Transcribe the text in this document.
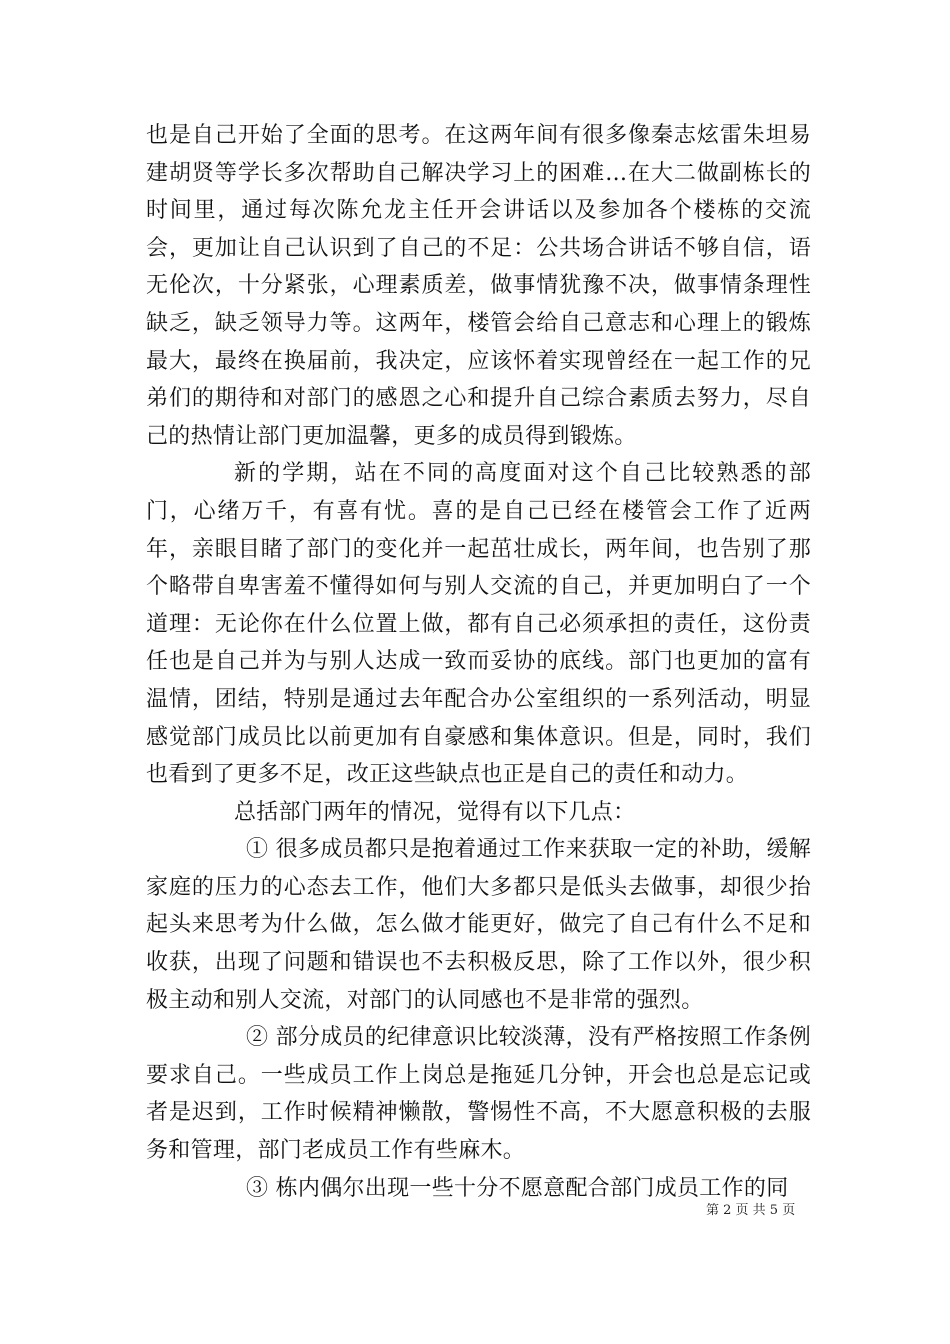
也是自己开始了全面的思考。在这两年间有很多像秦志炫雷朱坦易建胡贤等学长多次帮助自己解决学习上的困难…在大二做副栋长的时间里，通过每次陈允龙主任开会讲话以及参加各个楼栋的交流会，更加让自己认识到了自己的不足：公共场合讲话不够自信，语无伦次，十分紧张，心理素质差，做事情犹豫不决，做事情条理性缺乏，缺乏领导力等。这两年，楼管会给自己意志和心理上的锻炼最大，最终在换届前，我决定，应该怀着实现曾经在一起工作的兄弟们的期待和对部门的感恩之心和提升自己综合素质去努力，尽自己的热情让部门更加温馨，更多的成员得到锻炼。

新的学期，站在不同的高度面对这个自己比较熟悉的部门，心绪万千，有喜有忧。喜的是自己已经在楼管会工作了近两年，亲眼目睹了部门的变化并一起茁壮成长，两年间，也告别了那个略带自卑害羞不懂得如何与别人交流的自己，并更加明白了一个道理：无论你在什么位置上做，都有自己必须承担的责任，这份责任也是自己并为与别人达成一致而妥协的底线。部门也更加的富有温情，团结，特别是通过去年配合办公室组织的一系列活动，明显感觉部门成员比以前更加有自豪感和集体意识。但是，同时，我们也看到了更多不足，改正这些缺点也正是自己的责任和动力。

总括部门两年的情况，觉得有以下几点：

① 很多成员都只是抱着通过工作来获取一定的补助，缓解家庭的压力的心态去工作，他们大多都只是低头去做事，却很少抬起头来思考为什么做，怎么做才能更好，做完了自己有什么不足和收获，出现了问题和错误也不去积极反思，除了工作以外，很少积极主动和别人交流，对部门的认同感也不是非常的强烈。

② 部分成员的纪律意识比较淡薄，没有严格按照工作条例要求自己。一些成员工作上岗总是拖延几分钟，开会也总是忘记或者是迟到，工作时候精神懒散，警惕性不高，不大愿意积极的去服务和管理，部门老成员工作有些麻木。

③ 栋内偶尔出现一些十分不愿意配合部门成员工作的同

第 2 页 共 5 页
